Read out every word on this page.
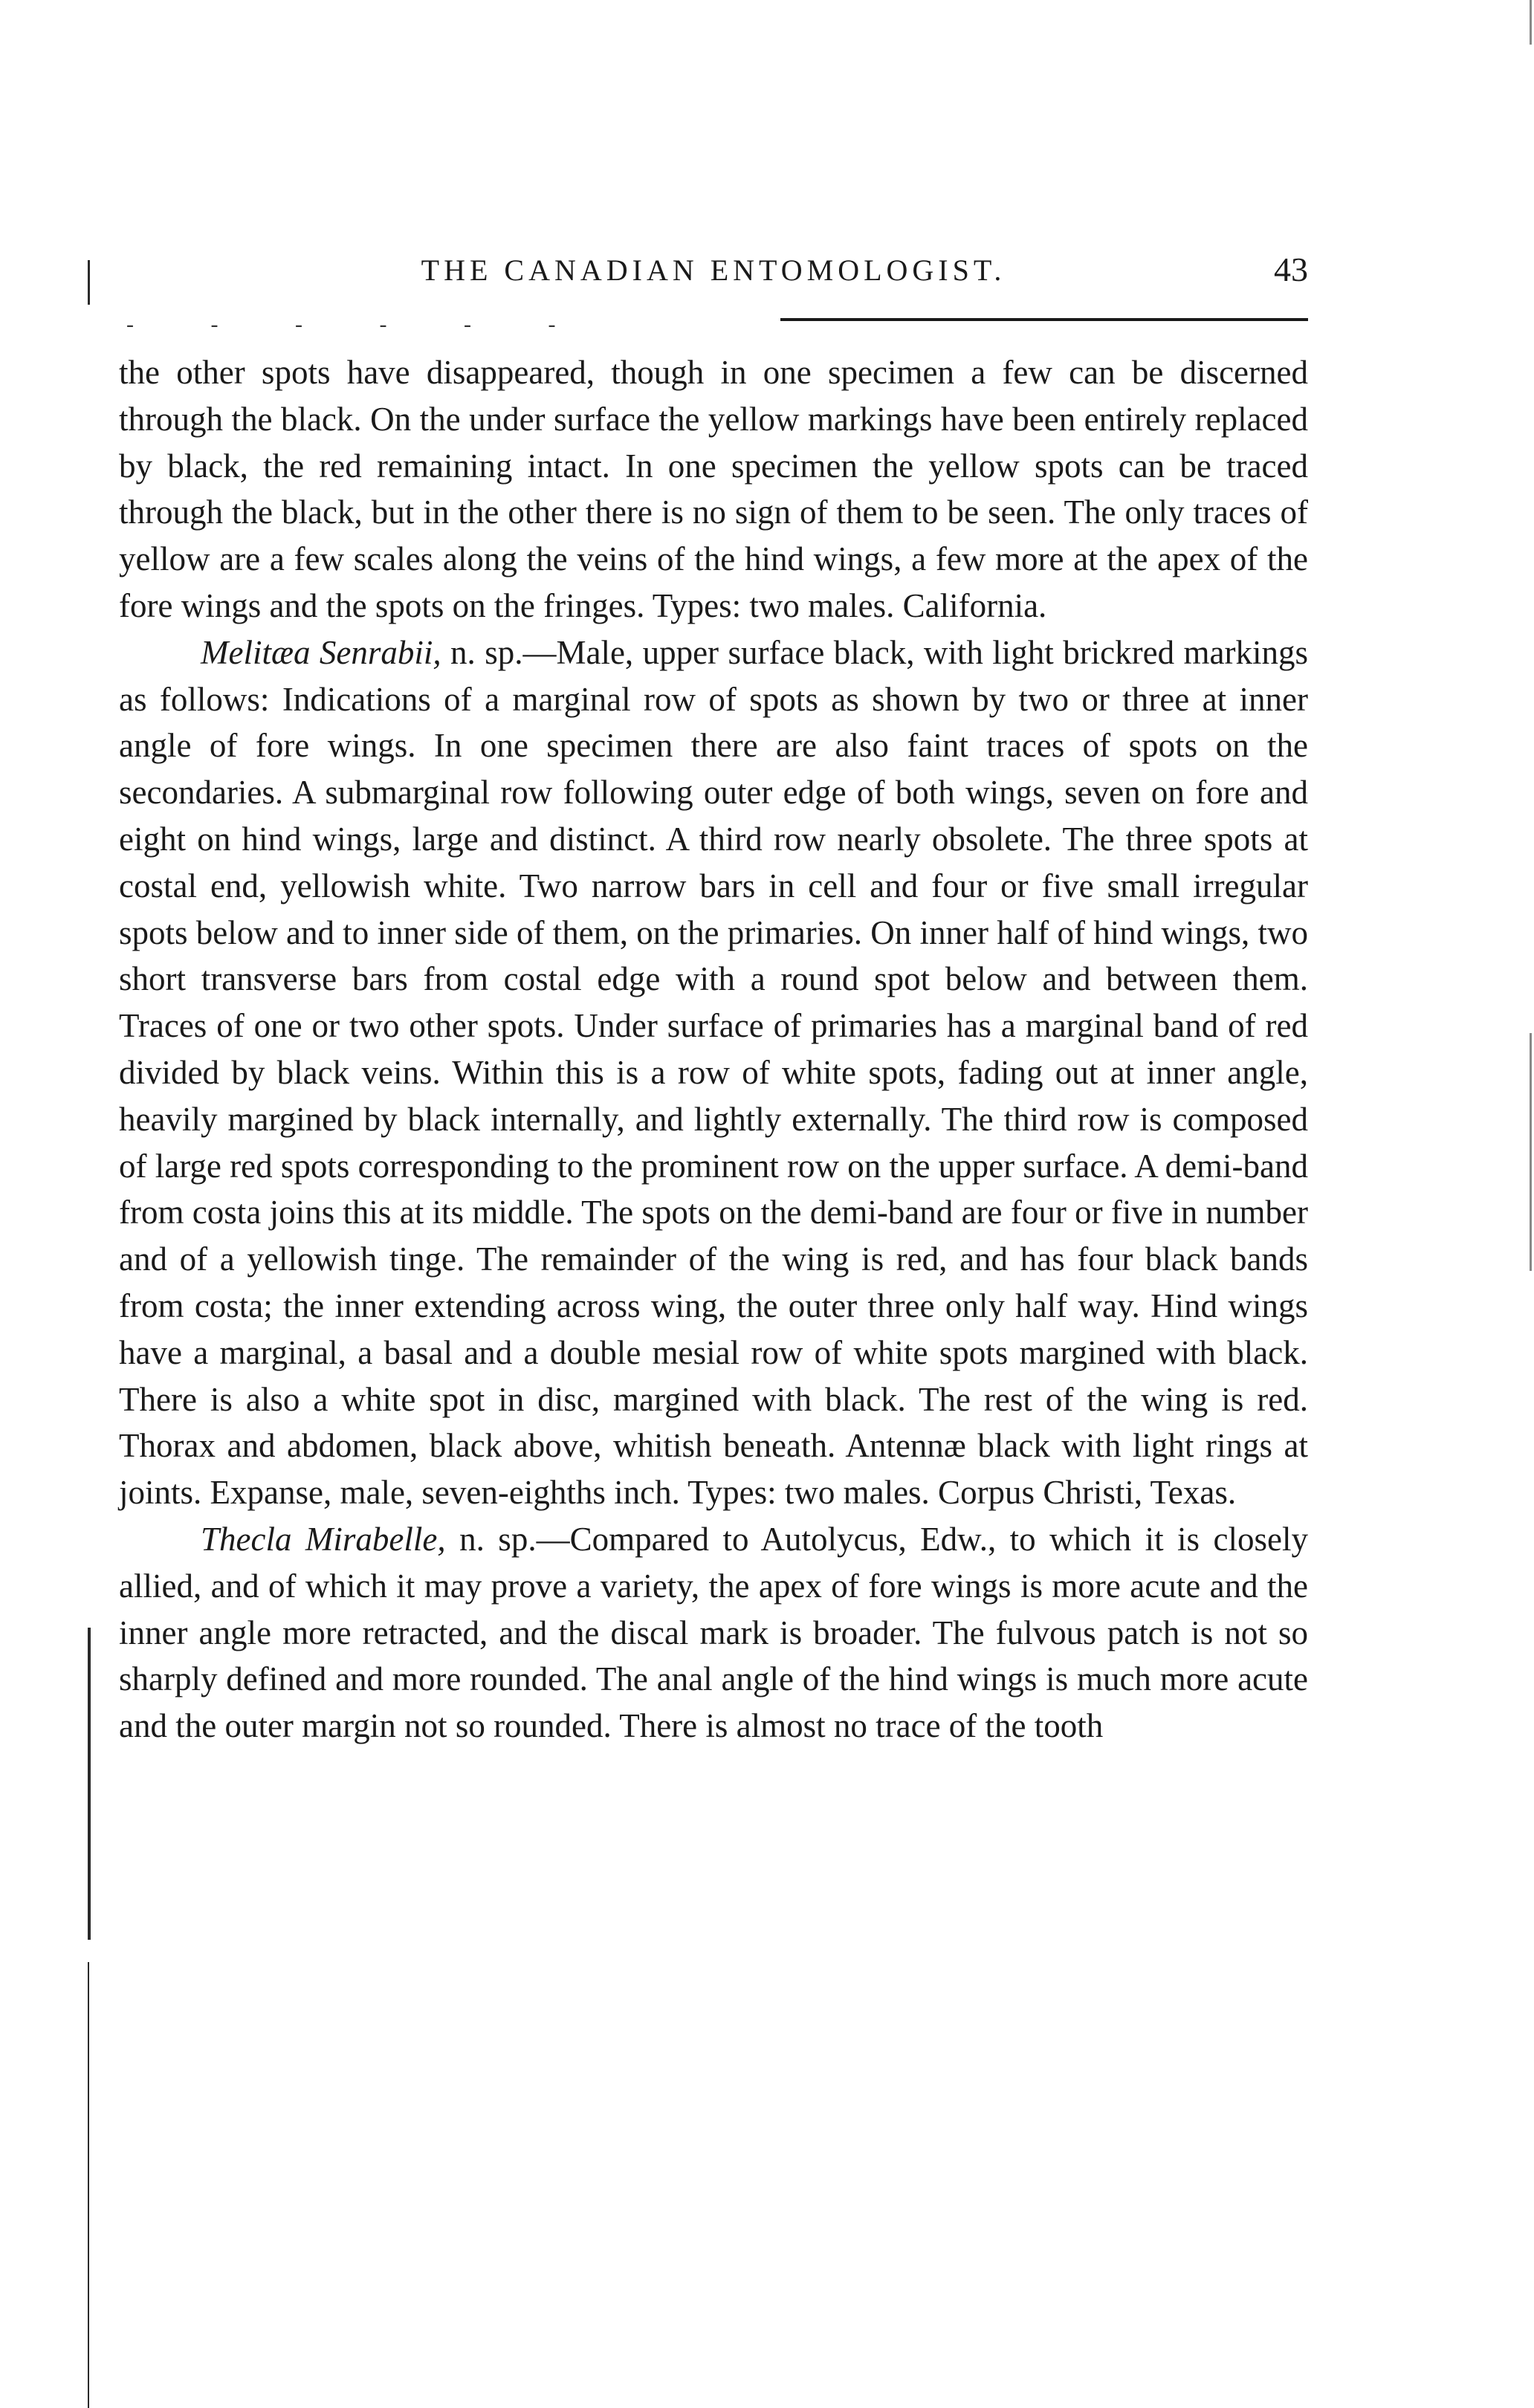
THE CANADIAN ENTOMOLOGIST.	43
- - - - - -

the other spots have disappeared, though in one specimen a few can be discerned through the black. On the under surface the yellow markings have been entirely replaced by black, the red remaining intact. In one specimen the yellow spots can be traced through the black, but in the other there is no sign of them to be seen. The only traces of yellow are a few scales along the veins of the hind wings, a few more at the apex of the fore wings and the spots on the fringes. Types: two males. California.

Melitæa Senrabii, n. sp.—Male, upper surface black, with light brickred markings as follows: Indications of a marginal row of spots as shown by two or three at inner angle of fore wings. In one specimen there are also faint traces of spots on the secondaries. A submarginal row following outer edge of both wings, seven on fore and eight on hind wings, large and distinct. A third row nearly obsolete. The three spots at costal end, yellowish white. Two narrow bars in cell and four or five small irregular spots below and to inner side of them, on the primaries. On inner half of hind wings, two short transverse bars from costal edge with a round spot below and between them. Traces of one or two other spots. Under surface of primaries has a marginal band of red divided by black veins. Within this is a row of white spots, fading out at inner angle, heavily margined by black internally, and lightly externally. The third row is composed of large red spots corresponding to the prominent row on the upper surface. A demi-band from costa joins this at its middle. The spots on the demi-band are four or five in number and of a yellowish tinge. The remainder of the wing is red, and has four black bands from costa; the inner extending across wing, the outer three only half way. Hind wings have a marginal, a basal and a double mesial row of white spots margined with black. There is also a white spot in disc, margined with black. The rest of the wing is red. Thorax and abdomen, black above, whitish beneath. Antennæ black with light rings at joints. Expanse, male, seven-eighths inch. Types: two males. Corpus Christi, Texas.

Thecla Mirabelle, n. sp.—Compared to Autolycus, Edw., to which it is closely allied, and of which it may prove a variety, the apex of fore wings is more acute and the inner angle more retracted, and the discal mark is broader. The fulvous patch is not so sharply defined and more rounded. The anal angle of the hind wings is much more acute and the outer margin not so rounded. There is almost no trace of the tooth
